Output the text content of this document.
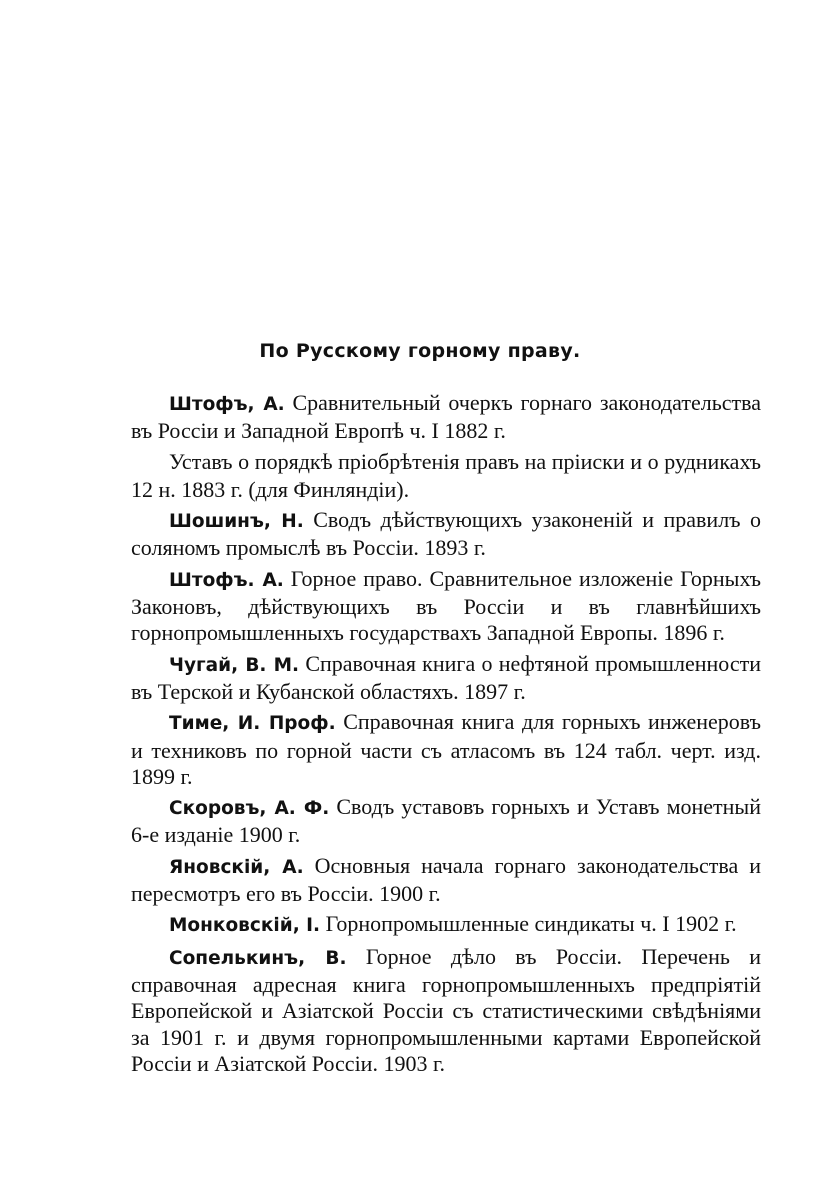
По Русскому горному праву.

Штофъ, А. Сравнительный очеркъ горнаго законодательства въ Россіи и Западной Европѣ ч. I 1882 г.

Уставъ о порядкѣ пріобрѣтенія правъ на пріиски и о рудникахъ 12 н. 1883 г. (для Финляндіи).

Шошинъ, Н. Сводъ дѣйствующихъ узаконеній и правилъ о соляномъ промыслѣ въ Россіи. 1893 г.

Штофъ. А. Горное право. Сравнительное изложеніе Горныхъ Законовъ, дѣйствующихъ въ Россіи и въ главнѣйшихъ горнопромышленныхъ государствахъ Западной Европы. 1896 г.

Чугай, В. М. Справочная книга о нефтяной промышленности въ Терской и Кубанской областяхъ. 1897 г.

Тиме, И. Проф. Справочная книга для горныхъ инженеровъ и техниковъ по горной части съ атласомъ въ 124 табл. черт. изд. 1899 г.

Скоровъ, А. Ф. Сводъ уставовъ горныхъ и Уставъ монетный 6-е изданіе 1900 г.

Яновскій, А. Основныя начала горнаго законодательства и пересмотръ его въ Россіи. 1900 г.

Монковскій, І. Горнопромышленные синдикаты ч. I 1902 г.

Сопелькинъ, В. Горное дѣло въ Россіи. Перечень и справочная адресная книга горнопромышленныхъ предпріятій Европейской и Азіатской Россіи съ статистическими свѣдѣніями за 1901 г. и двумя горнопромышленными картами Европейской Россіи и Азіатской Россіи. 1903 г.
